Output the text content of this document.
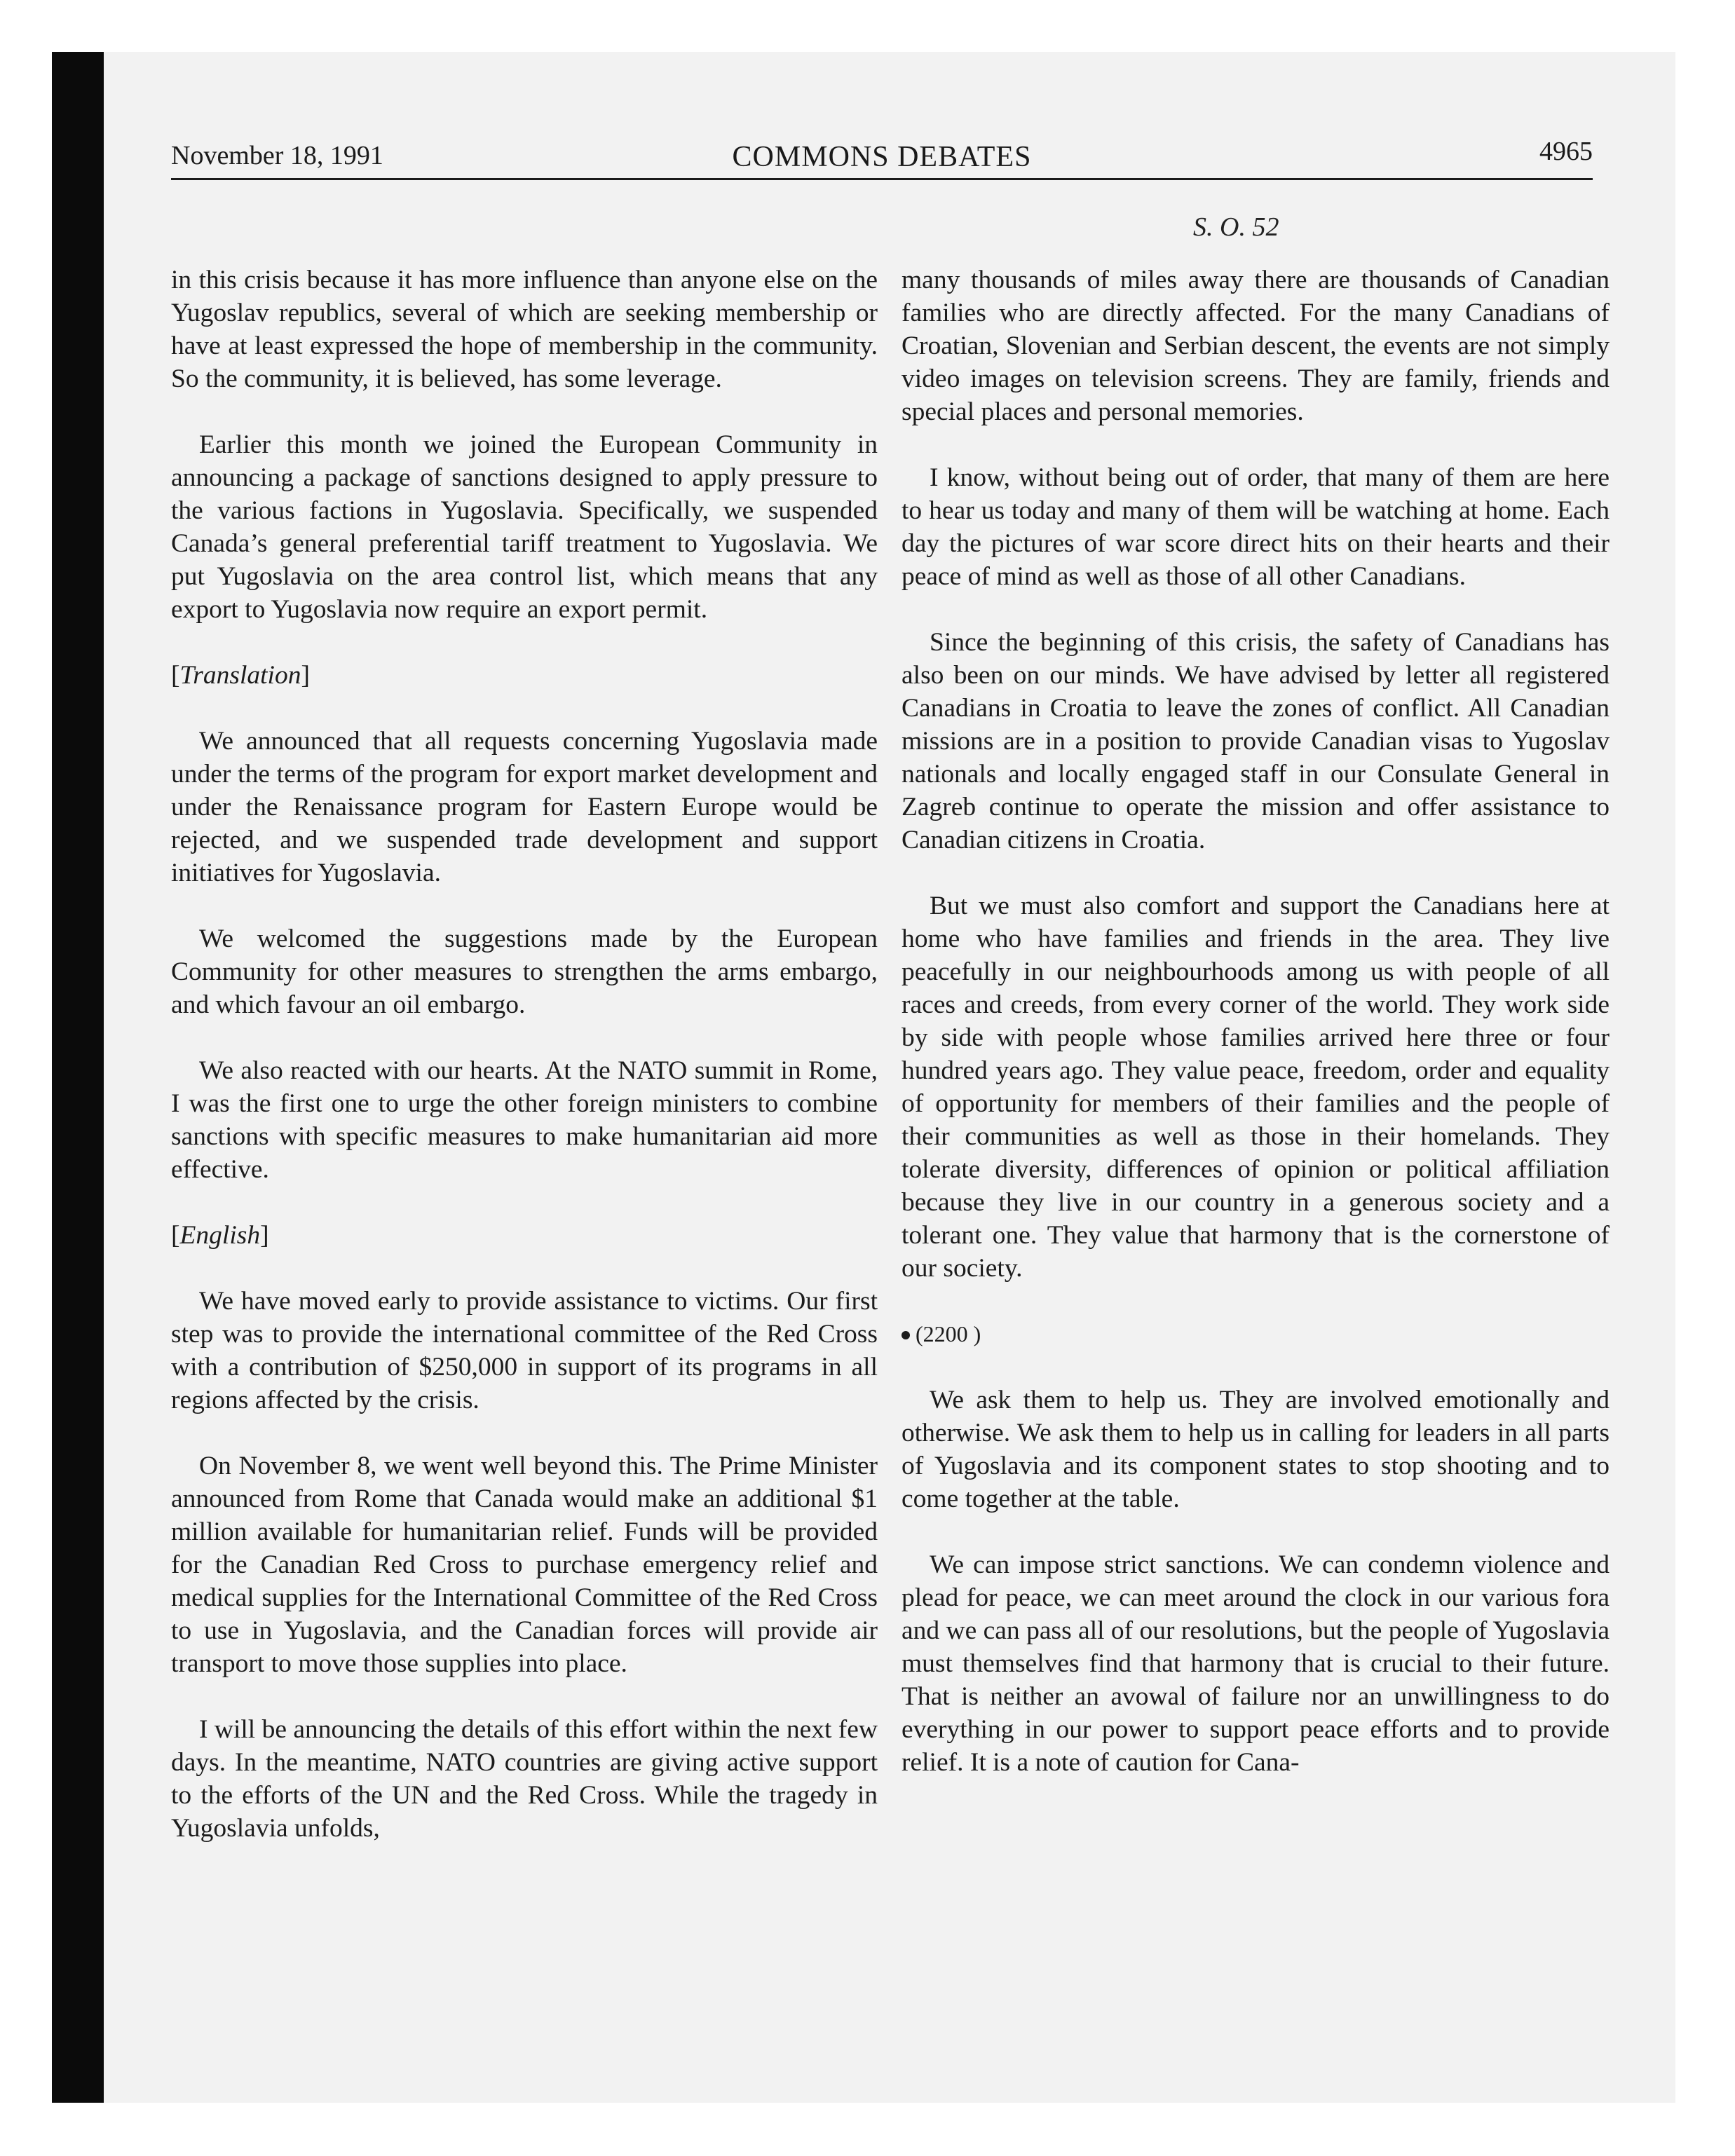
November 18, 1991	COMMONS DEBATES	4965
S. O. 52

in this crisis because it has more influence than anyone else on the Yugoslav republics, several of which are seeking membership or have at least expressed the hope of membership in the community. So the community, it is believed, has some leverage.

Earlier this month we joined the European Community in announcing a package of sanctions designed to apply pressure to the various factions in Yugoslavia. Specifically, we suspended Canada’s general preferential tariff treatment to Yugoslavia. We put Yugoslavia on the area control list, which means that any export to Yugoslavia now require an export permit.

[Translation]

We announced that all requests concerning Yugoslavia made under the terms of the program for export market development and under the Renaissance program for Eastern Europe would be rejected, and we suspended trade development and support initiatives for Yugoslavia.

We welcomed the suggestions made by the European Community for other measures to strengthen the arms embargo, and which favour an oil embargo.

We also reacted with our hearts. At the NATO summit in Rome, I was the first one to urge the other foreign ministers to combine sanctions with specific measures to make humanitarian aid more effective.

[English]

We have moved early to provide assistance to victims. Our first step was to provide the international committee of the Red Cross with a contribution of $250,000 in support of its programs in all regions affected by the crisis.

On November 8, we went well beyond this. The Prime Minister announced from Rome that Canada would make an additional $1 million available for humanitarian relief. Funds will be provided for the Canadian Red Cross to purchase emergency relief and medical supplies for the International Committee of the Red Cross to use in Yugoslavia, and the Canadian forces will provide air transport to move those supplies into place.

I will be announcing the details of this effort within the next few days. In the meantime, NATO countries are giving active support to the efforts of the UN and the Red Cross. While the tragedy in Yugoslavia unfolds,

many thousands of miles away there are thousands of Canadian families who are directly affected. For the many Canadians of Croatian, Slovenian and Serbian descent, the events are not simply video images on television screens. They are family, friends and special places and personal memories.

I know, without being out of order, that many of them are here to hear us today and many of them will be watching at home. Each day the pictures of war score direct hits on their hearts and their peace of mind as well as those of all other Canadians.

Since the beginning of this crisis, the safety of Canadians has also been on our minds. We have advised by letter all registered Canadians in Croatia to leave the zones of conflict. All Canadian missions are in a position to provide Canadian visas to Yugoslav nationals and locally engaged staff in our Consulate General in Zagreb continue to operate the mission and offer assistance to Canadian citizens in Croatia.

But we must also comfort and support the Canadians here at home who have families and friends in the area. They live peacefully in our neighbourhoods among us with people of all races and creeds, from every corner of the world. They work side by side with people whose families arrived here three or four hundred years ago. They value peace, freedom, order and equality of opportunity for members of their families and the people of their communities as well as those in their homelands. They tolerate diversity, differences of opinion or political affiliation because they live in our country in a generous society and a tolerant one. They value that harmony that is the cornerstone of our society.

(2200 )

We ask them to help us. They are involved emotionally and otherwise. We ask them to help us in calling for leaders in all parts of Yugoslavia and its component states to stop shooting and to come together at the table.

We can impose strict sanctions. We can condemn violence and plead for peace, we can meet around the clock in our various fora and we can pass all of our resolutions, but the people of Yugoslavia must themselves find that harmony that is crucial to their future. That is neither an avowal of failure nor an unwillingness to do everything in our power to support peace efforts and to provide relief. It is a note of caution for Cana-
